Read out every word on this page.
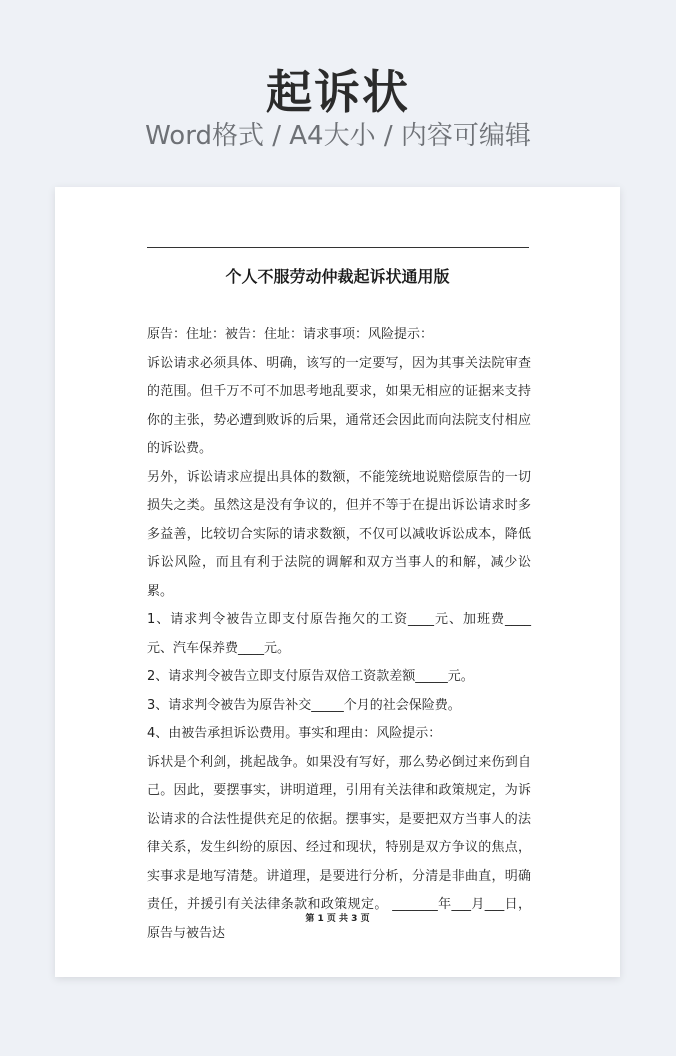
起诉状
Word格式 / A4大小 / 内容可编辑
个人不服劳动仲裁起诉状通用版

原告：住址：被告：住址：请求事项：风险提示：

诉讼请求必须具体、明确，该写的一定要写，因为其事关法院审查的范围。但千万不可不加思考地乱要求，如果无相应的证据来支持你的主张，势必遭到败诉的后果，通常还会因此而向法院支付相应的诉讼费。

另外，诉讼请求应提出具体的数额，不能笼统地说赔偿原告的一切损失之类。虽然这是没有争议的，但并不等于在提出诉讼请求时多多益善，比较切合实际的请求数额，不仅可以减收诉讼成本，降低诉讼风险，而且有利于法院的调解和双方当事人的和解，减少讼累。

1、请求判令被告立即支付原告拖欠的工资____元、加班费____元、汽车保养费____元。

2、请求判令被告立即支付原告双倍工资款差额_____元。

3、请求判令被告为原告补交_____个月的社会保险费。

4、由被告承担诉讼费用。事实和理由：风险提示：

诉状是个利剑，挑起战争。如果没有写好，那么势必倒过来伤到自己。因此，要摆事实，讲明道理，引用有关法律和政策规定，为诉讼请求的合法性提供充足的依据。摆事实，是要把双方当事人的法律关系，发生纠纷的原因、经过和现状，特别是双方争议的焦点，实事求是地写清楚。讲道理，是要进行分析，分清是非曲直，明确责任，并援引有关法律条款和政策规定。 _______年___月___日，原告与被告达

第 1 页 共 3 页
